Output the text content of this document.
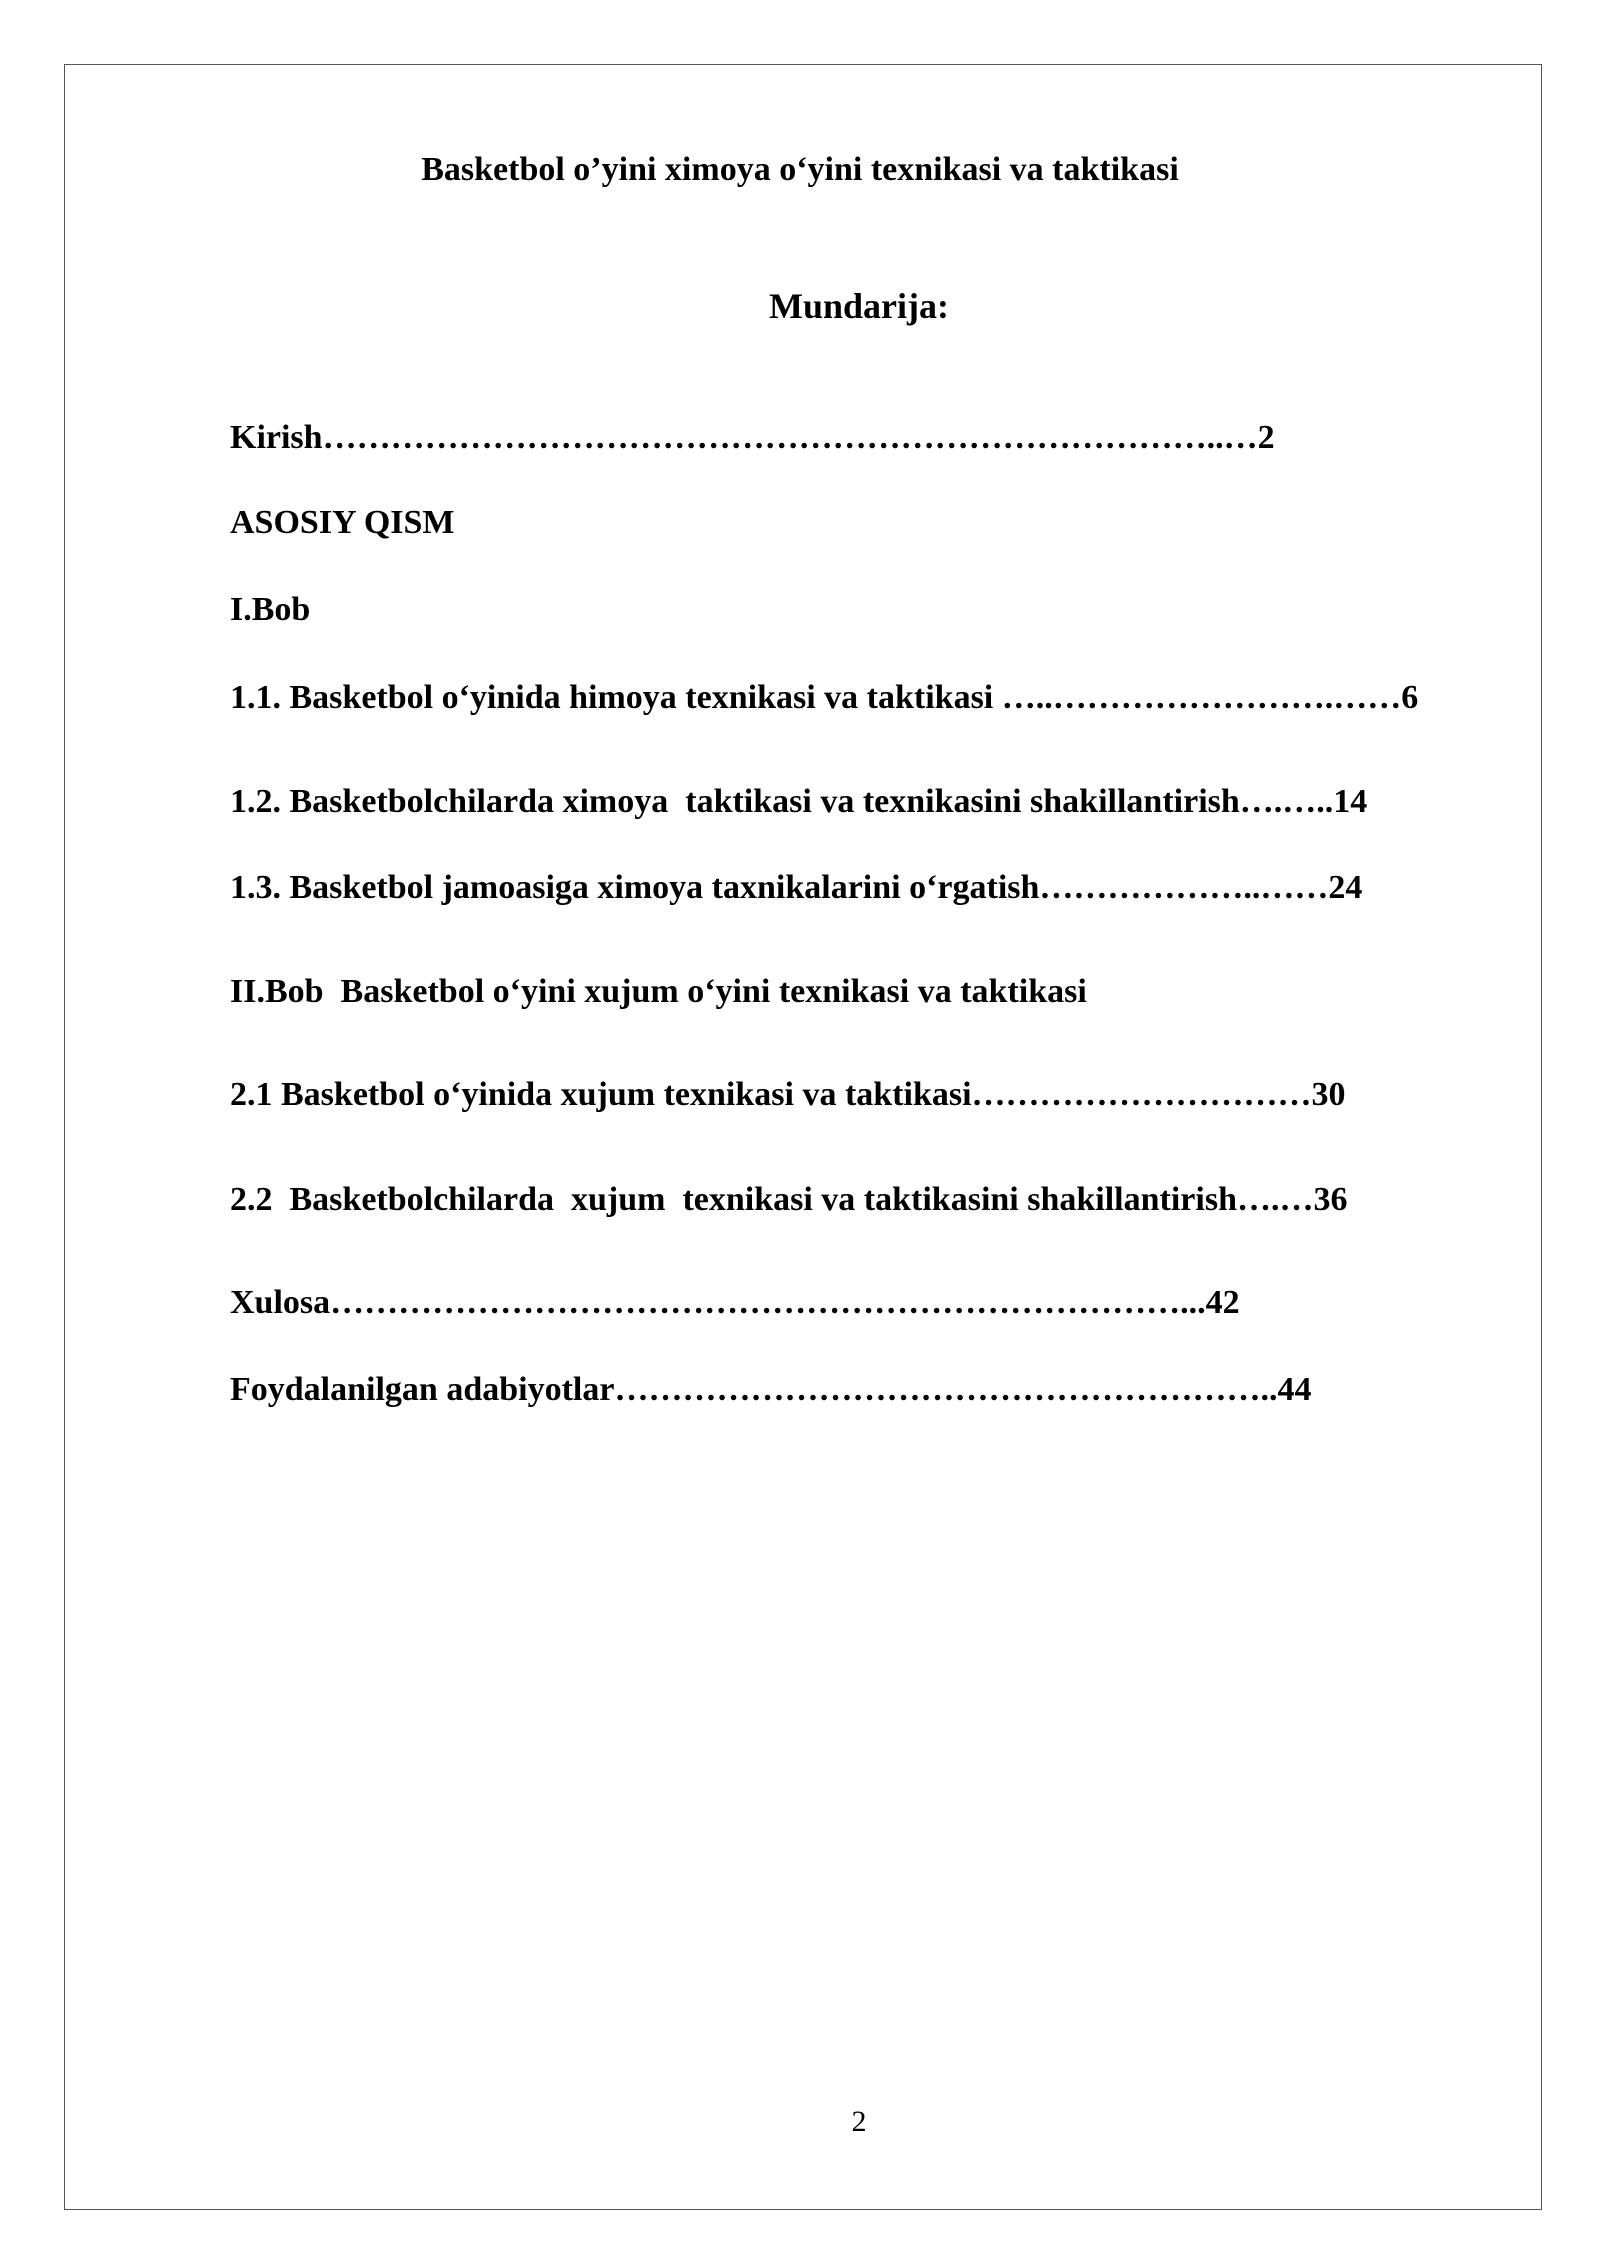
Basketbol o’yini ximoya o‘yini texnikasi va taktikasi
Mundarija:

Kirish……………………………………………………………………..…2

ASOSIY QISM

I.Bob

1.1. Basketbol o‘yinida himoya texnikasi va taktikasi …..…………………….……6

1.2. Basketbolchilarda ximoya  taktikasi va texnikasini shakillantirish….…..14

1.3. Basketbol jamoasiga ximoya taxnikalarini o‘rgatish………………..……24

II.Bob  Basketbol o‘yini xujum o‘yini texnikasi va taktikasi

2.1 Basketbol o‘yinida xujum texnikasi va taktikasi…………………………30

2.2  Basketbolchilarda  xujum  texnikasi va taktikasini shakillantirish….…36

Xulosa…………………………………………………………………...42

Foydalanilgan adabiyotlar…………………………………………………..44

2
